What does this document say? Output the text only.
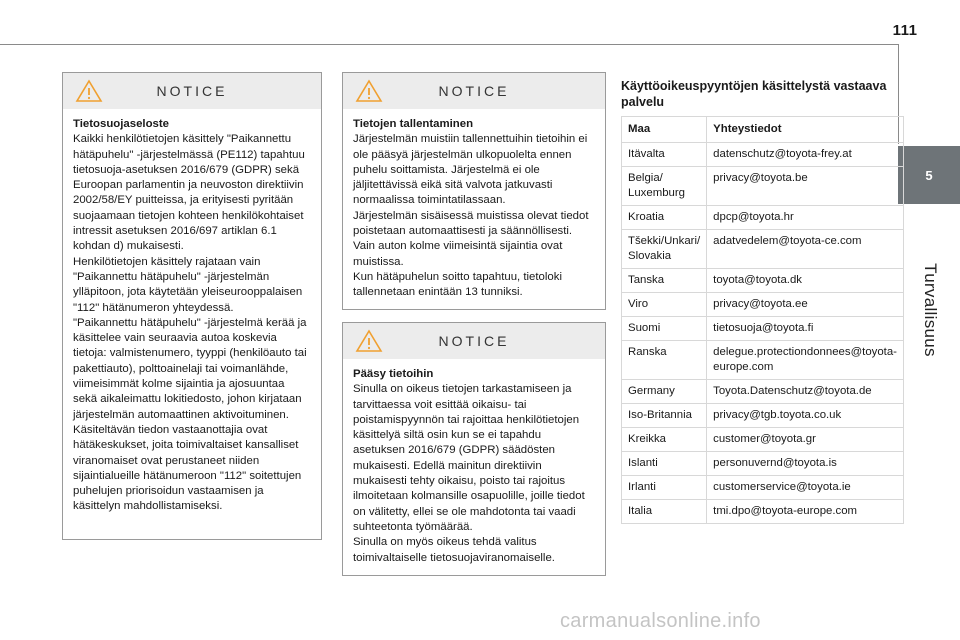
111
5
Turvallisuus
NOTICE

Tietosuojaseloste

Kaikki henkilötietojen käsittely "Paikannettu hätäpuhelu" -järjestelmässä (PE112) tapahtuu tietosuoja-asetuksen 2016/679 (GDPR) sekä Euroopan parlamentin ja neuvoston direktiivin 2002/58/EY puitteissa, ja erityisesti pyritään suojaamaan tietojen kohteen henkilökohtaiset intressit asetuksen 2016/697 artiklan 6.1 kohdan d) mukaisesti.

Henkilötietojen käsittely rajataan vain "Paikannettu hätäpuhelu" -järjestelmän ylläpitoon, jota käytetään yleiseurooppalaisen "112" hätänumeron yhteydessä.

"Paikannettu hätäpuhelu" -järjestelmä kerää ja käsittelee vain seuraavia autoa koskevia tietoja: valmistenumero, tyyppi (henkilöauto tai pakettiauto), polttoainelaji tai voimanlähde, viimeisimmät kolme sijaintia ja ajosuuntaa sekä aikaleimattu lokitiedosto, johon kirjataan järjestelmän automaattinen aktivoituminen.

Käsiteltävän tiedon vastaanottajia ovat hätäkeskukset, joita toimivaltaiset kansalliset viranomaiset ovat perustaneet niiden sijaintialueille hätänumeroon "112" soitettujen puhelujen priorisoidun vastaamisen ja käsittelyn mahdollistamiseksi.

NOTICE

Tietojen tallentaminen

Järjestelmän muistiin tallennettuihin tietoihin ei ole pääsyä järjestelmän ulkopuolelta ennen puhelu soittamista. Järjestelmä ei ole jäljitettävissä eikä sitä valvota jatkuvasti normaalissa toimintatilassaan.

Järjestelmän sisäisessä muistissa olevat tiedot poistetaan automaattisesti ja säännöllisesti. Vain auton kolme viimeisintä sijaintia ovat muistissa.

Kun hätäpuhelun soitto tapahtuu, tietoloki tallennetaan enintään 13 tunniksi.

NOTICE

Pääsy tietoihin

Sinulla on oikeus tietojen tarkastamiseen ja tarvittaessa voit esittää oikaisu- tai poistamispyynnön tai rajoittaa henkilötietojen käsittelyä siltä osin kun se ei tapahdu asetuksen 2016/679 (GDPR) säädösten mukaisesti. Edellä mainitun direktiivin mukaisesti tehty oikaisu, poisto tai rajoitus ilmoitetaan kolmansille osapuolille, joille tiedot on välitetty, ellei se ole mahdotonta tai vaadi suhteetonta työmäärää.

Sinulla on myös oikeus tehdä valitus toimivaltaiselle tietosuojaviranomaiselle.

Käyttöoikeuspyyntöjen käsittelystä vastaava palvelu
Maa	Yhteystiedot
Itävalta	datenschutz@toyota-frey.at
Belgia/ Luxemburg	privacy@toyota.be
Kroatia	dpcp@toyota.hr
Tšekki/Unkari/ Slovakia	adatvedelem@toyota-ce.com
Tanska	toyota@toyota.dk
Viro	privacy@toyota.ee
Suomi	tietosuoja@toyota.fi
Ranska	delegue.protectiondonnees@toyota-europe.com
Germany	Toyota.Datenschutz@toyota.de
Iso-Britannia	privacy@tgb.toyota.co.uk
Kreikka	customer@toyota.gr
Islanti	personuvernd@toyota.is
Irlanti	customerservice@toyota.ie
Italia	tmi.dpo@toyota-europe.com
carmanualsonline.info
